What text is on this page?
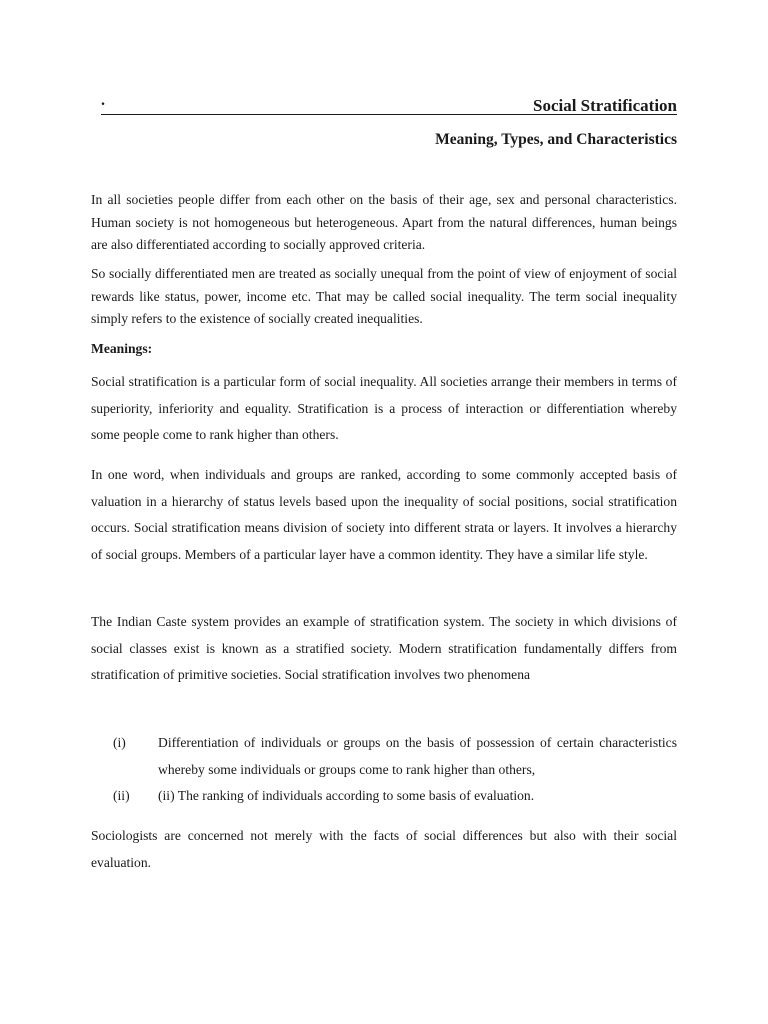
.	Social Stratification
Meaning, Types, and Characteristics

In all societies people differ from each other on the basis of their age, sex and personal characteristics. Human society is not homogeneous but heterogeneous. Apart from the natural differences, human beings are also differentiated according to socially approved criteria.

So socially differentiated men are treated as socially unequal from the point of view of enjoyment of social rewards like status, power, income etc. That may be called social inequality. The term social inequality simply refers to the existence of socially created inequalities.

Meanings:

Social stratification is a particular form of social inequality. All societies arrange their members in terms of superiority, inferiority and equality. Stratification is a process of interaction or differentiation whereby some people come to rank higher than others.

In one word, when individuals and groups are ranked, according to some commonly accepted basis of valuation in a hierarchy of status levels based upon the inequality of social positions, social stratification occurs. Social stratification means division of society into different strata or layers. It involves a hierarchy of social groups. Members of a particular layer have a common identity. They have a similar life style.

The Indian Caste system provides an example of stratification system. The society in which divisions of social classes exist is known as a stratified society. Modern stratification fundamentally differs from stratification of primitive societies. Social stratification involves two phenomena

(i) Differentiation of individuals or groups on the basis of possession of certain characteristics whereby some individuals or groups come to rank higher than others,
(ii) (ii) The ranking of individuals according to some basis of evaluation.

Sociologists are concerned not merely with the facts of social differences but also with their social evaluation.
